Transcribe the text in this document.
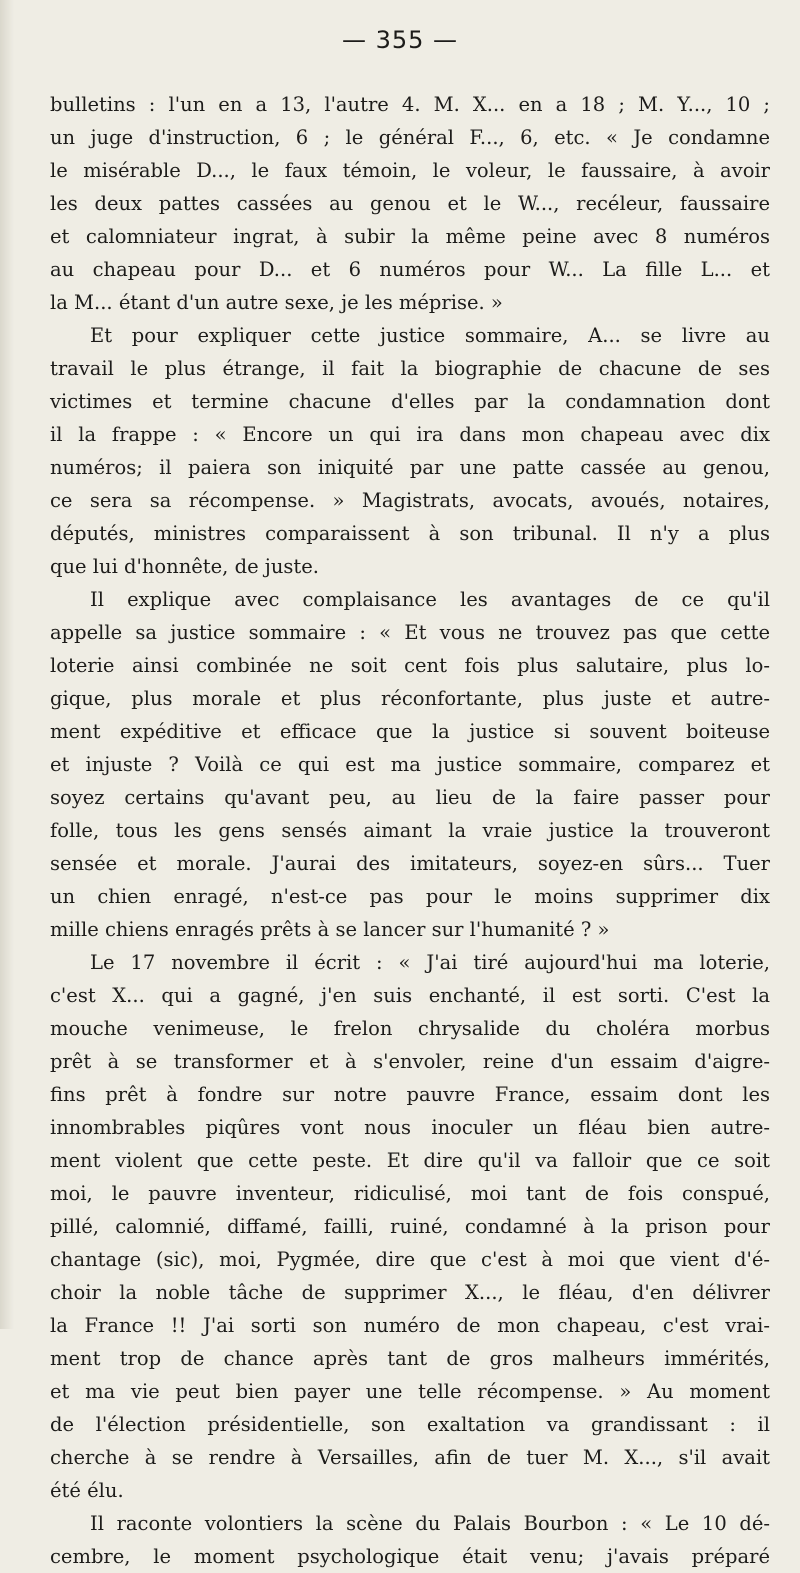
— 355 —
bulletins : l'un en a 13, l'autre 4. M. X... en a 18 ; M. Y..., 10 ;
un juge d'instruction, 6 ; le général F..., 6, etc. « Je condamne
le misérable D..., le faux témoin, le voleur, le faussaire, à avoir
les deux pattes cassées au genou et le W..., recéleur, faussaire
et calomniateur ingrat, à subir la même peine avec 8 numéros
au chapeau pour D... et 6 numéros pour W... La fille L... et
la M... étant d'un autre sexe, je les méprise. »
Et pour expliquer cette justice sommaire, A... se livre au
travail le plus étrange, il fait la biographie de chacune de ses
victimes et termine chacune d'elles par la condamnation dont
il la frappe : « Encore un qui ira dans mon chapeau avec dix
numéros; il paiera son iniquité par une patte cassée au genou,
ce sera sa récompense. » Magistrats, avocats, avoués, notaires,
députés, ministres comparaissent à son tribunal. Il n'y a plus
que lui d'honnête, de juste.
Il explique avec complaisance les avantages de ce qu'il
appelle sa justice sommaire : « Et vous ne trouvez pas que cette
loterie ainsi combinée ne soit cent fois plus salutaire, plus lo-
gique, plus morale et plus réconfortante, plus juste et autre-
ment expéditive et efficace que la justice si souvent boiteuse
et injuste ? Voilà ce qui est ma justice sommaire, comparez et
soyez certains qu'avant peu, au lieu de la faire passer pour
folle, tous les gens sensés aimant la vraie justice la trouveront
sensée et morale. J'aurai des imitateurs, soyez-en sûrs... Tuer
un chien enragé, n'est-ce pas pour le moins supprimer dix
mille chiens enragés prêts à se lancer sur l'humanité ? »
Le 17 novembre il écrit : « J'ai tiré aujourd'hui ma loterie,
c'est X... qui a gagné, j'en suis enchanté, il est sorti. C'est la
mouche venimeuse, le frelon chrysalide du choléra morbus
prêt à se transformer et à s'envoler, reine d'un essaim d'aigre-
fins prêt à fondre sur notre pauvre France, essaim dont les
innombrables piqûres vont nous inoculer un fléau bien autre-
ment violent que cette peste. Et dire qu'il va falloir que ce soit
moi, le pauvre inventeur, ridiculisé, moi tant de fois conspué,
pillé, calomnié, diffamé, failli, ruiné, condamné à la prison pour
chantage (sic), moi, Pygmée, dire que c'est à moi que vient d'é-
choir la noble tâche de supprimer X..., le fléau, d'en délivrer
la France !! J'ai sorti son numéro de mon chapeau, c'est vrai-
ment trop de chance après tant de gros malheurs immérités,
et ma vie peut bien payer une telle récompense. » Au moment
de l'élection présidentielle, son exaltation va grandissant : il
cherche à se rendre à Versailles, afin de tuer M. X..., s'il avait
été élu.
Il raconte volontiers la scène du Palais Bourbon : « Le 10 dé-
cembre, le moment psychologique était venu; j'avais préparé
